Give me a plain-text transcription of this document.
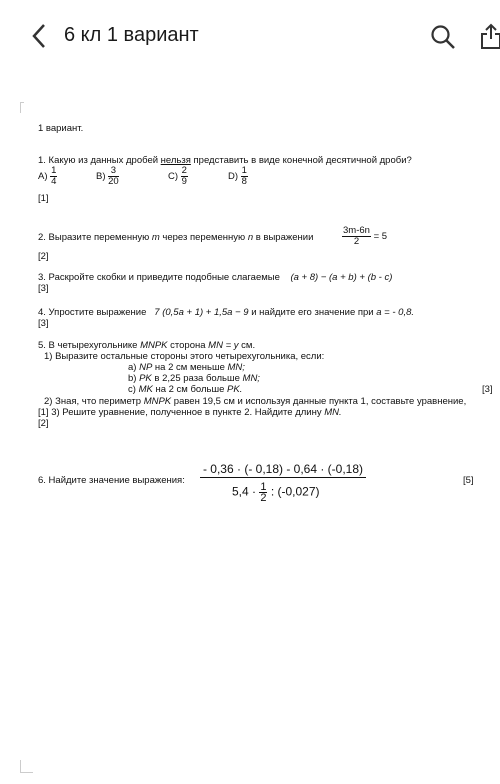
6 кл 1 вариант
1 вариант.
1. Какую из данных дробей нельзя представить в виде конечной десятичной дроби?
$A) \frac{1}{4}$	$B) \frac{3}{20}$	$C) \frac{2}{9}$	$D) \frac{1}{8}$
[1]
2. Выразите переменную m через переменную n в выражении	$\frac{3m-6n}{2} = 5$
[2]
3. Раскройте скобки и приведите подобные слагаемые (a + 8) − (a + b) + (b - c)
[3]
4. Упростите выражение 7 (0,5a + 1) + 1,5a − 9 и найдите его значение при a = - 0,8.
[3]
5. В четырехугольнике MNPK сторона MN = y см.
1) Выразите остальные стороны этого четырехугольника, если:
a) NP на 2 см меньше MN;
b) PK в 2,25 раза больше MN;
c) MK на 2 см больше PK.	[3]
2) Зная, что периметр MNPK равен 19,5 см и используя данные пункта 1, составьте уравнение,
[1] 3) Решите уравнение, полученное в пункте 2. Найдите длину MN.
[2]
6. Найдите значение выражения:
- 0,36 · (- 0,18) - 0,64 · (-0,18)
$5,4 \cdot \frac{1}{2}$ : (-0,027)
[5]
